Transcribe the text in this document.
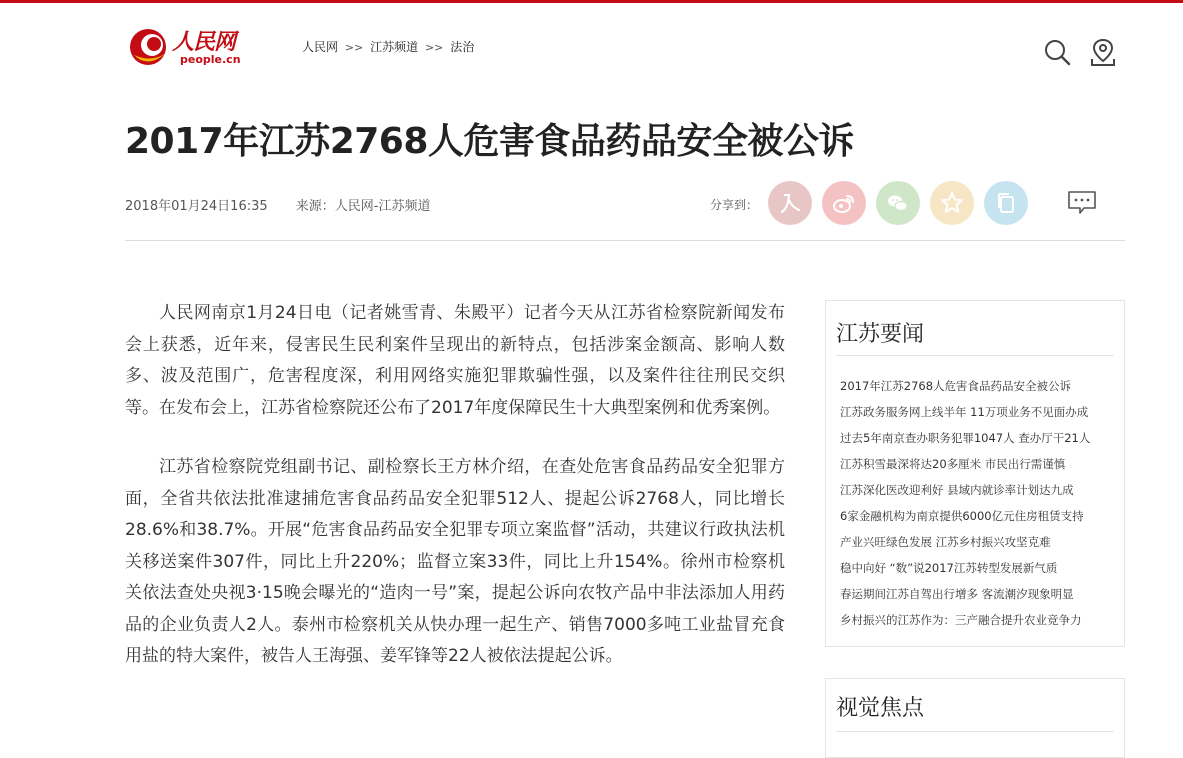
人民网
people.cn
人民网 >> 江苏频道 >> 法治
2017年江苏2768人危害食品药品安全被公诉
2018年01月24日16:35 来源：人民网-江苏频道	分享到：

人民网南京1月24日电（记者姚雪青、朱殿平）记者今天从江苏省检察院新闻发布会上获悉，近年来，侵害民生民利案件呈现出的新特点，包括涉案金额高、影响人数多、波及范围广，危害程度深，利用网络实施犯罪欺骗性强，以及案件往往刑民交织等。在发布会上，江苏省检察院还公布了2017年度保障民生十大典型案例和优秀案例。

江苏省检察院党组副书记、副检察长王方林介绍，在查处危害食品药品安全犯罪方面，全省共依法批准逮捕危害食品药品安全犯罪512人、提起公诉2768人，同比增长28.6%和38.7%。开展“危害食品药品安全犯罪专项立案监督”活动，共建议行政执法机关移送案件307件，同比上升220%；监督立案33件，同比上升154%。徐州市检察机关依法查处央视3·15晚会曝光的“造肉一号”案，提起公诉向农牧产品中非法添加人用药品的企业负责人2人。泰州市检察机关从快办理一起生产、销售7000多吨工业盐冒充食用盐的特大案件，被告人王海强、姜军锋等22人被依法提起公诉。

江苏要闻
2017年江苏2768人危害食品药品安全被公诉
江苏政务服务网上线半年 11万项业务不见面办成
过去5年南京查办职务犯罪1047人 查办厅干21人
江苏积雪最深将达20多厘米 市民出行需谨慎
江苏深化医改迎利好 县域内就诊率计划达九成
6家金融机构为南京提供6000亿元住房租赁支持
产业兴旺绿色发展 江苏乡村振兴攻坚克难
稳中向好 “数”说2017江苏转型发展新气质
春运期间江苏自驾出行增多 客流潮汐现象明显
乡村振兴的江苏作为：三产融合提升农业竞争力
视觉焦点
